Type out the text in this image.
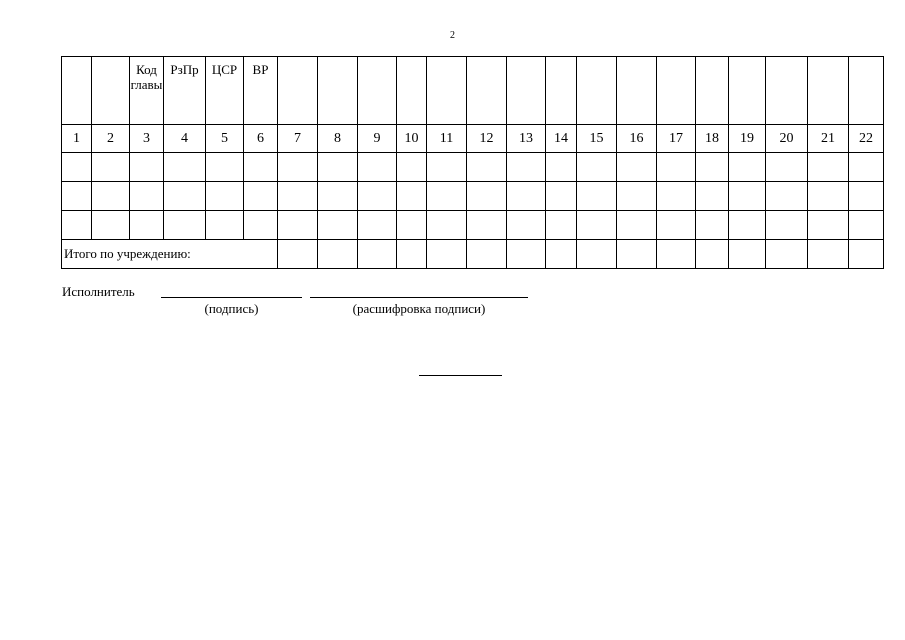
2
		Код главы	РзПр	ЦСР	ВР																
1	2	3	4	5	6	7	8	9	10	11	12	13	14	15	16	17	18	19	20	21	22

Итого по учреждению:																					
Исполнитель
(подпись)	(расшифровка подписи)
